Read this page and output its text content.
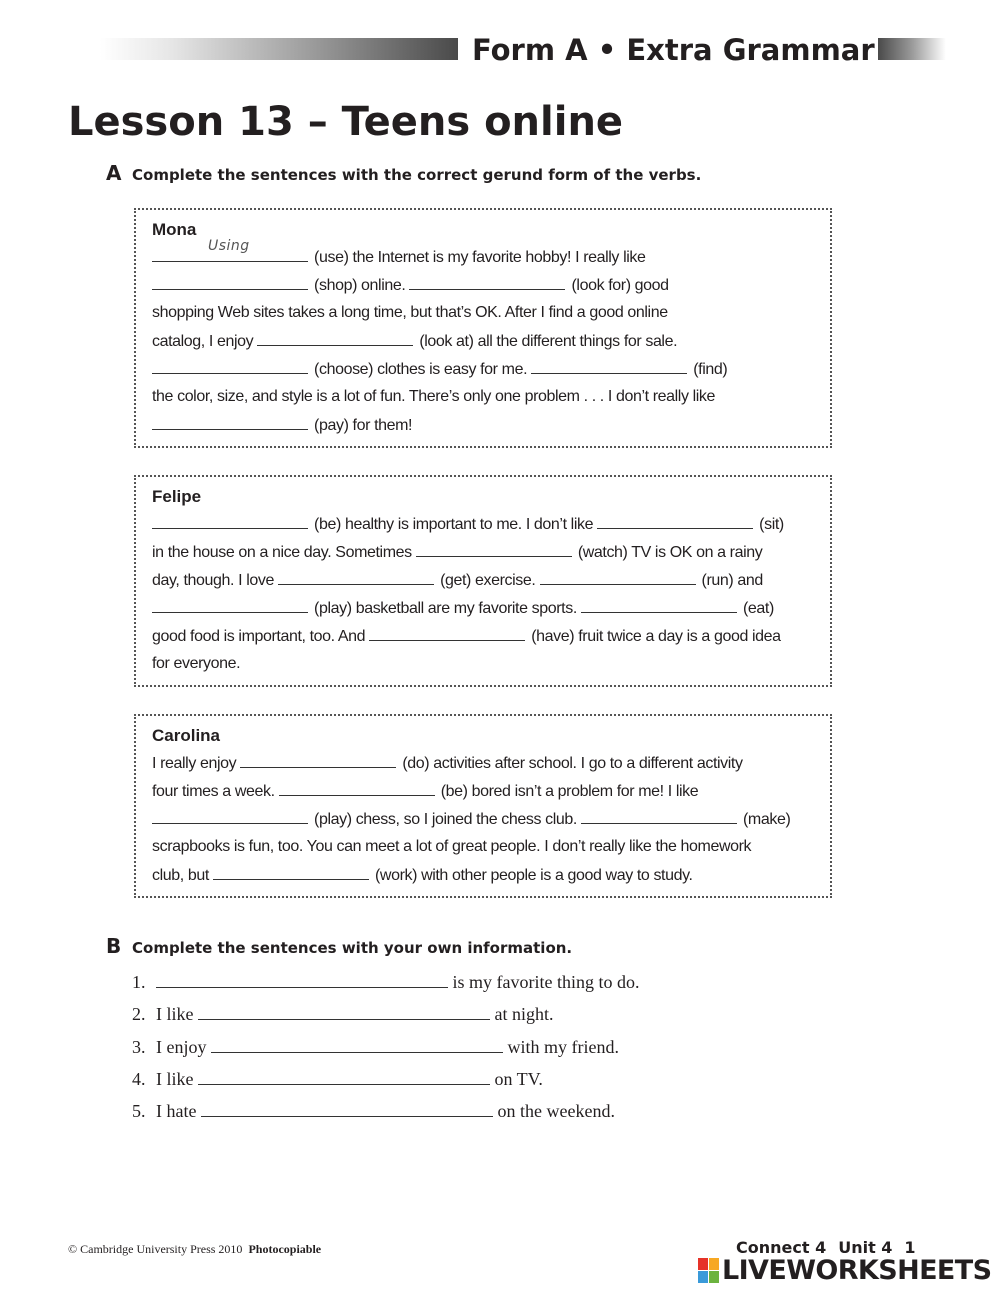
Form A • Extra Grammar
Lesson 13 – Teens online
A Complete the sentences with the correct gerund form of the verbs.
Mona
Using
(use) the Internet is my favorite hobby! I really like
(shop) online.	(look for) good
shopping Web sites takes a long time, but that’s OK. After I find a good online
catalog, I enjoy	(look at) all the different things for sale.
(choose) clothes is easy for me.	(find)
the color, size, and style is a lot of fun. There’s only one problem . . . I don’t really like
(pay) for them!
Felipe
(be) healthy is important to me. I don’t like	(sit)
in the house on a nice day. Sometimes	(watch) TV is OK on a rainy
day, though. I love	(get) exercise.	(run) and
(play) basketball are my favorite sports.	(eat)
good food is important, too. And	(have) fruit twice a day is a good idea
for everyone.
Carolina
I really enjoy	(do) activities after school. I go to a different activity
four times a week.	(be) bored isn’t a problem for me! I like
(play) chess, so I joined the chess club.	(make)
scrapbooks is fun, too. You can meet a lot of great people. I don’t really like the homework
club, but	(work) with other people is a good way to study.
B Complete the sentences with your own information.
1.	is my favorite thing to do.
2. I like	at night.
3. I enjoy	with my friend.
4. I like	on TV.
5. I hate	on the weekend.
© Cambridge University Press 2010 Photocopiable	Connect 4 Unit 4 1
LIVEWORKSHEETS
